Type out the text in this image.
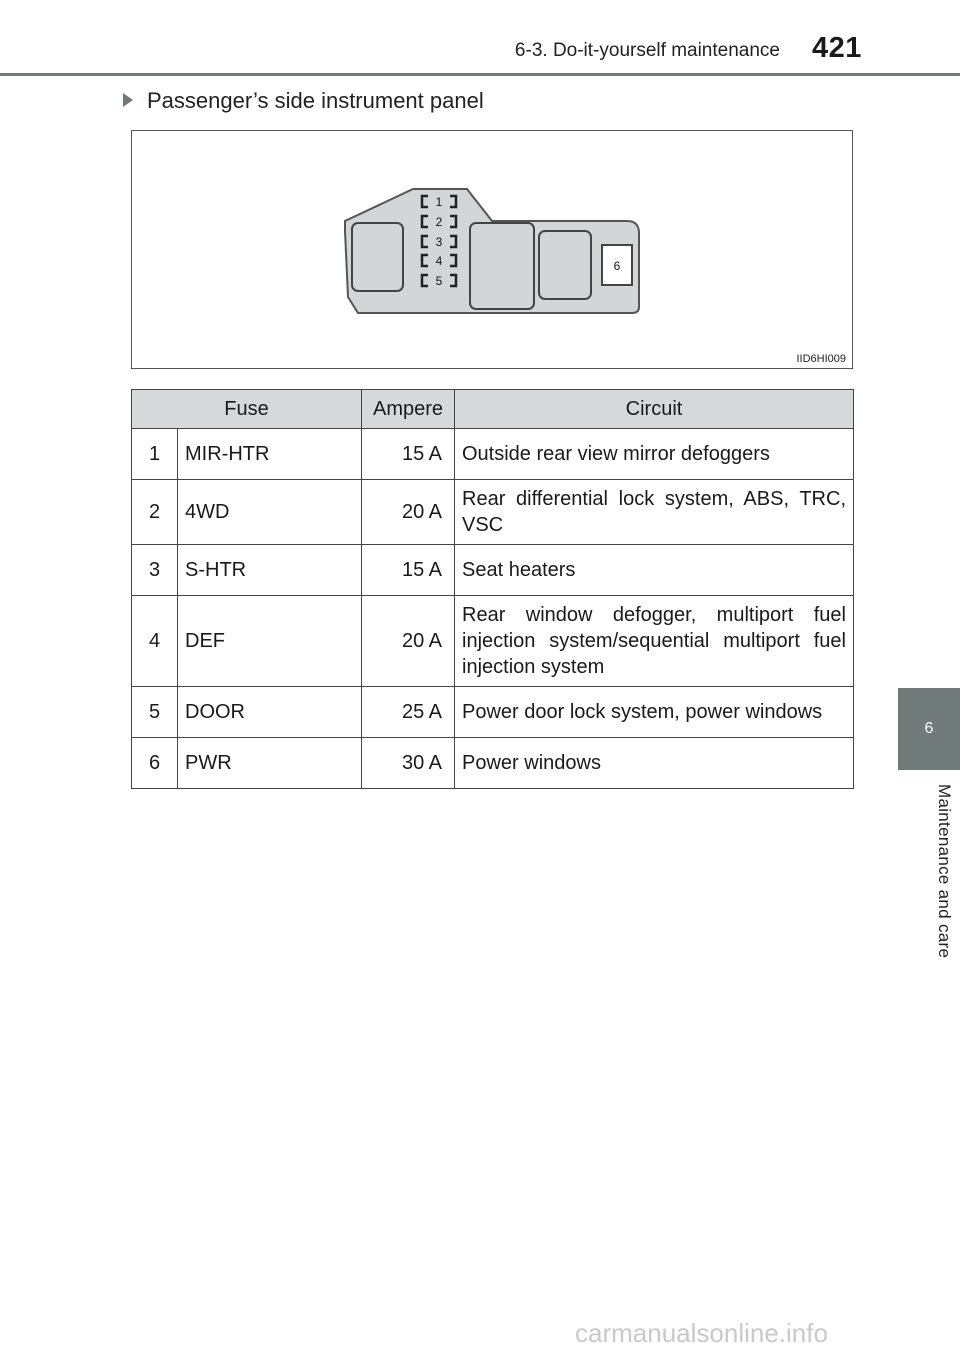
6-3. Do-it-yourself maintenance 421
Passenger’s side instrument panel
1
2
3
4
5
6
IID6HI009
Fuse		Ampere	Circuit
1	MIR-HTR	15 A	Outside rear view mirror defoggers
2	4WD	20 A	Rear differential lock system, ABS, TRC, VSC
3	S-HTR	15 A	Seat heaters
4	DEF	20 A	Rear window defogger, multiport fuel injection system/sequential multiport fuel injection system
5	DOOR	25 A	Power door lock system, power windows
6	PWR	30 A	Power windows
6
Maintenance and care
carmanualsonline.info
